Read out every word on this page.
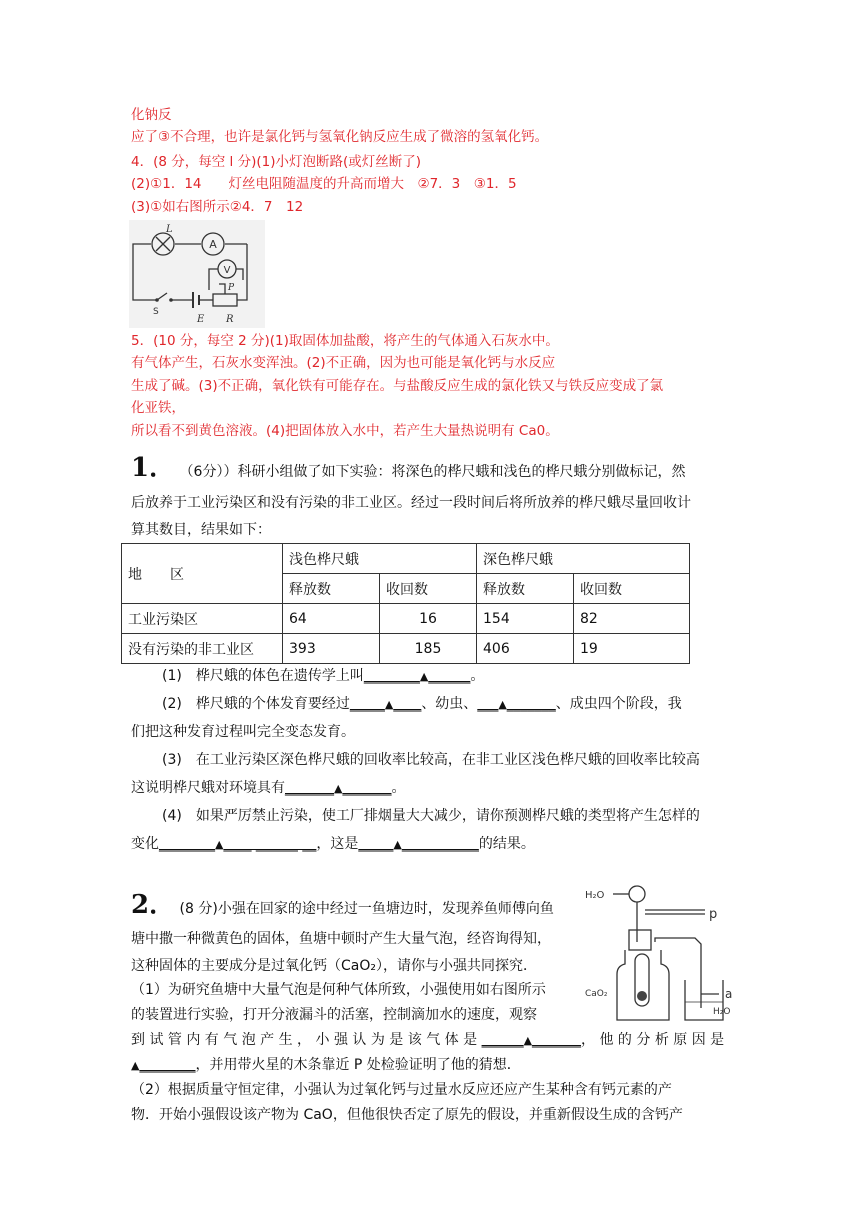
化钠反
应了③不合理，也许是氯化钙与氢氧化钠反应生成了微溶的氢氧化钙。
4．(8 分，每空 l 分)(1)小灯泡断路(或灯丝断了)
(2)①1．14　　灯丝电阻随温度的升高而增大　②7．3　③1．5
(3)①如右图所示②4．7　12
L
A
V
P
S
E R
5．(10 分，每空 2 分)(1)取固体加盐酸，将产生的气体通入石灰水中。
有气体产生，石灰水变浑浊。(2)不正确，因为也可能是氧化钙与水反应
生成了碱。(3)不正确，氧化铁有可能存在。与盐酸反应生成的氯化铁又与铁反应变成了氯
化亚铁，
所以看不到黄色溶液。(4)把固体放入水中，若产生大量热说明有 Ca0。
1． （6分））科研小组做了如下实验：将深色的桦尺蛾和浅色的桦尺蛾分别做标记，然
后放养于工业污染区和没有污染的非工业区。经过一段时间后将所放养的桦尺蛾尽量回收计
算其数目，结果如下：
地　　区	浅色桦尺蛾		深色桦尺蛾	
	释放数	收回数	释放数	收回数
工业污染区	64	16	154	82
没有污染的非工业区	393	185	406	19
(1)　桦尺蛾的体色在遗传学上叫________▲______。
(2)　桦尺蛾的个体发育要经过_____▲____、幼虫、___▲_______、成虫四个阶段，我
们把这种发育过程叫完全变态发育。
(3)　在工业污染区深色桦尺蛾的回收率比较高，在非工业区浅色桦尺蛾的回收率比较高
这说明桦尺蛾对环境具有_______▲_______。
(4)　如果严厉禁止污染，使工厂排烟量大大减少，请你预测桦尺蛾的类型将产生怎样的
变化________▲____ ______ __，这是_____▲___________的结果。
2． (8 分)小强在回家的途中经过一鱼塘边时，发现养鱼师傅向鱼
塘中撒一种微黄色的固体，鱼塘中顿时产生大量气泡，经咨询得知，
这种固体的主要成分是过氧化钙（CaO₂），请你与小强共同探究．
（1）为研究鱼塘中大量气泡是何种气体所致，小强使用如右图所示
的装置进行实验，打开分液漏斗的活塞，控制滴加水的速度，观察
到 试 管 内 有 气 泡 产 生 ， 小 强 认 为 是 该 气 体 是 ______▲_______， 他 的 分 析 原 因 是
▲________，并用带火星的木条靠近 P 处检验证明了他的猜想．
（2）根据质量守恒定律，小强认为过氧化钙与过量水反应还应产生某种含有钙元素的产
物．开始小强假设该产物为 CaO，但他很快否定了原先的假设，并重新假设生成的含钙产
H₂O
p
a
CaO₂
H₂O
